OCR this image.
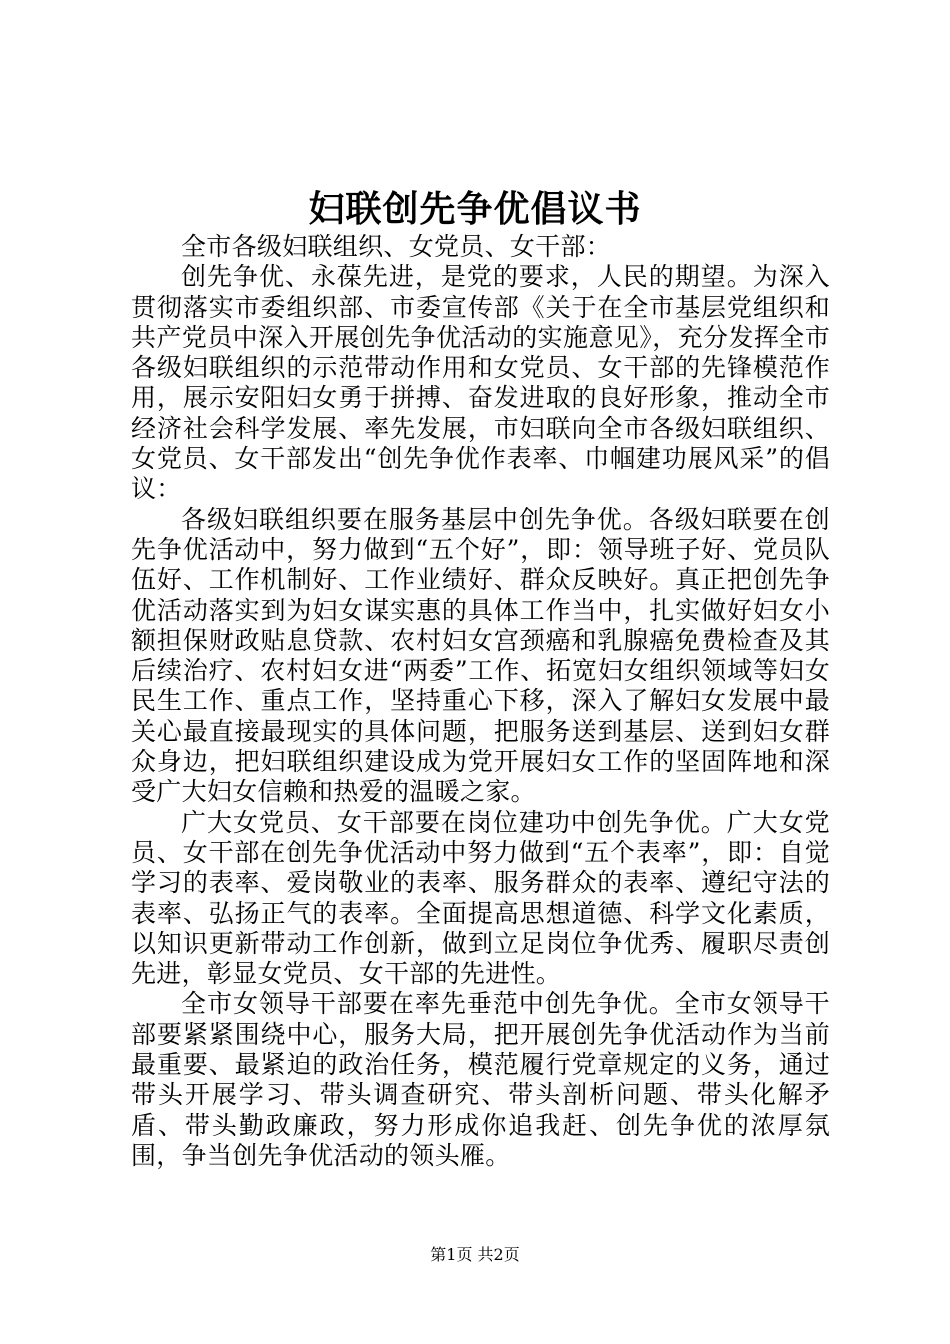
妇联创先争优倡议书

全市各级妇联组织、女党员、女干部：

创先争优、永葆先进，是党的要求，人民的期望。为深入贯彻落实市委组织部、市委宣传部《关于在全市基层党组织和共产党员中深入开展创先争优活动的实施意见》，充分发挥全市各级妇联组织的示范带动作用和女党员、女干部的先锋模范作用，展示安阳妇女勇于拼搏、奋发进取的良好形象，推动全市经济社会科学发展、率先发展，市妇联向全市各级妇联组织、女党员、女干部发出“创先争优作表率、巾帼建功展风采”的倡议：

各级妇联组织要在服务基层中创先争优。各级妇联要在创先争优活动中，努力做到“五个好”，即：领导班子好、党员队伍好、工作机制好、工作业绩好、群众反映好。真正把创先争优活动落实到为妇女谋实惠的具体工作当中，扎实做好妇女小额担保财政贴息贷款、农村妇女宫颈癌和乳腺癌免费检查及其后续治疗、农村妇女进“两委”工作、拓宽妇女组织领域等妇女民生工作、重点工作，坚持重心下移，深入了解妇女发展中最关心最直接最现实的具体问题，把服务送到基层、送到妇女群众身边，把妇联组织建设成为党开展妇女工作的坚固阵地和深受广大妇女信赖和热爱的温暖之家。

广大女党员、女干部要在岗位建功中创先争优。广大女党员、女干部在创先争优活动中努力做到“五个表率”，即：自觉学习的表率、爱岗敬业的表率、服务群众的表率、遵纪守法的表率、弘扬正气的表率。全面提高思想道德、科学文化素质，以知识更新带动工作创新，做到立足岗位争优秀、履职尽责创先进，彰显女党员、女干部的先进性。

全市女领导干部要在率先垂范中创先争优。全市女领导干部要紧紧围绕中心，服务大局，把开展创先争优活动作为当前最重要、最紧迫的政治任务，模范履行党章规定的义务，通过带头开展学习、带头调查研究、带头剖析问题、带头化解矛盾、带头勤政廉政，努力形成你追我赶、创先争优的浓厚氛围，争当创先争优活动的领头雁。

第1页 共2页
